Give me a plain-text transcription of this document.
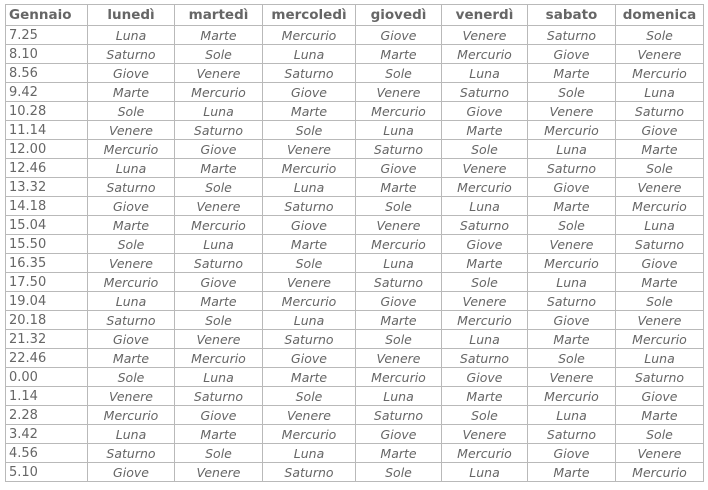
Gennaio	lunedì	martedì	mercoledì	giovedì	venerdì	sabato	domenica
7.25	Luna	Marte	Mercurio	Giove	Venere	Saturno	Sole
8.10	Saturno	Sole	Luna	Marte	Mercurio	Giove	Venere
8.56	Giove	Venere	Saturno	Sole	Luna	Marte	Mercurio
9.42	Marte	Mercurio	Giove	Venere	Saturno	Sole	Luna
10.28	Sole	Luna	Marte	Mercurio	Giove	Venere	Saturno
11.14	Venere	Saturno	Sole	Luna	Marte	Mercurio	Giove
12.00	Mercurio	Giove	Venere	Saturno	Sole	Luna	Marte
12.46	Luna	Marte	Mercurio	Giove	Venere	Saturno	Sole
13.32	Saturno	Sole	Luna	Marte	Mercurio	Giove	Venere
14.18	Giove	Venere	Saturno	Sole	Luna	Marte	Mercurio
15.04	Marte	Mercurio	Giove	Venere	Saturno	Sole	Luna
15.50	Sole	Luna	Marte	Mercurio	Giove	Venere	Saturno
16.35	Venere	Saturno	Sole	Luna	Marte	Mercurio	Giove
17.50	Mercurio	Giove	Venere	Saturno	Sole	Luna	Marte
19.04	Luna	Marte	Mercurio	Giove	Venere	Saturno	Sole
20.18	Saturno	Sole	Luna	Marte	Mercurio	Giove	Venere
21.32	Giove	Venere	Saturno	Sole	Luna	Marte	Mercurio
22.46	Marte	Mercurio	Giove	Venere	Saturno	Sole	Luna
0.00	Sole	Luna	Marte	Mercurio	Giove	Venere	Saturno
1.14	Venere	Saturno	Sole	Luna	Marte	Mercurio	Giove
2.28	Mercurio	Giove	Venere	Saturno	Sole	Luna	Marte
3.42	Luna	Marte	Mercurio	Giove	Venere	Saturno	Sole
4.56	Saturno	Sole	Luna	Marte	Mercurio	Giove	Venere
5.10	Giove	Venere	Saturno	Sole	Luna	Marte	Mercurio
